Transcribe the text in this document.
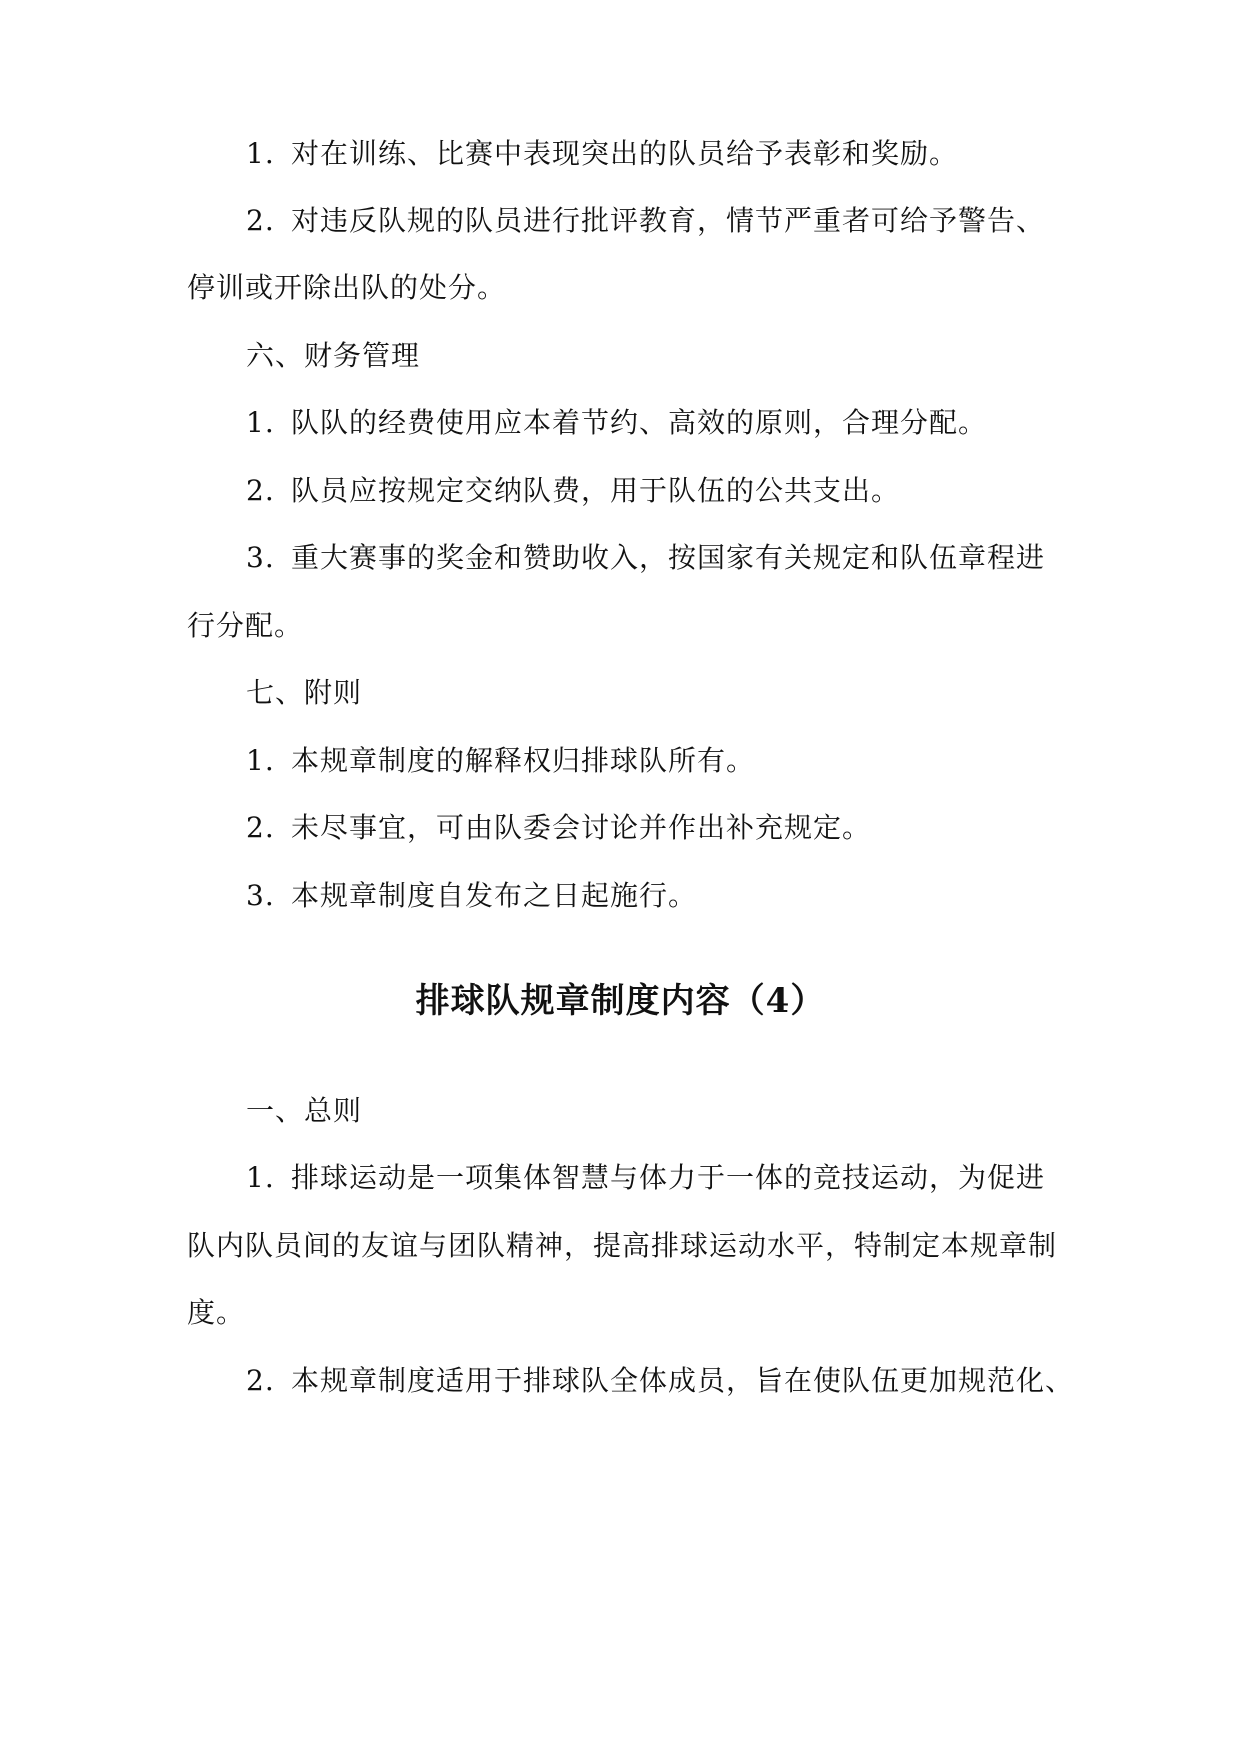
1. 对在训练、比赛中表现突出的队员给予表彰和奖励。
2. 对违反队规的队员进行批评教育，情节严重者可给予警告、
停训或开除出队的处分。
六、财务管理
1. 队队的经费使用应本着节约、高效的原则，合理分配。
2. 队员应按规定交纳队费，用于队伍的公共支出。
3. 重大赛事的奖金和赞助收入，按国家有关规定和队伍章程进
行分配。
七、附则
1. 本规章制度的解释权归排球队所有。
2. 未尽事宜，可由队委会讨论并作出补充规定。
3. 本规章制度自发布之日起施行。
排球队规章制度内容（4）
一、总则
1. 排球运动是一项集体智慧与体力于一体的竞技运动，为促进
队内队员间的友谊与团队精神，提高排球运动水平，特制定本规章制
度。
2. 本规章制度适用于排球队全体成员，旨在使队伍更加规范化、
